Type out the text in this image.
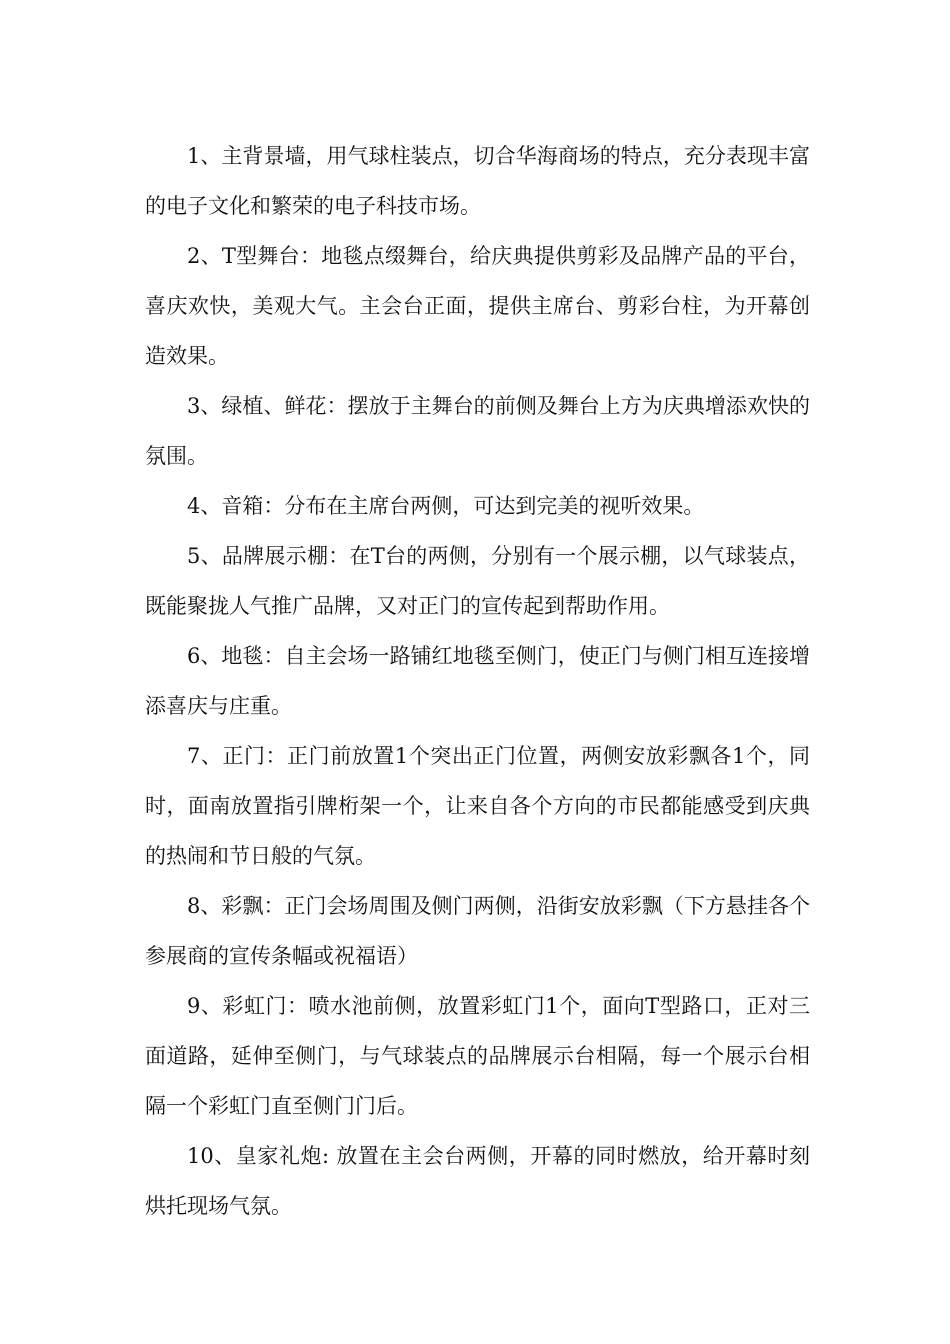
1、主背景墙，用气球柱装点，切合华海商场的特点，充分表现丰富的电子文化和繁荣的电子科技市场。

2、T型舞台：地毯点缀舞台，给庆典提供剪彩及品牌产品的平台，喜庆欢快，美观大气。主会台正面，提供主席台、剪彩台柱，为开幕创造效果。

3、绿植、鲜花：摆放于主舞台的前侧及舞台上方为庆典增添欢快的氛围。

4、音箱：分布在主席台两侧，可达到完美的视听效果。

5、品牌展示棚：在T台的两侧，分别有一个展示棚，以气球装点，既能聚拢人气推广品牌，又对正门的宣传起到帮助作用。

6、地毯：自主会场一路铺红地毯至侧门，使正门与侧门相互连接增添喜庆与庄重。

7、正门：正门前放置1个突出正门位置，两侧安放彩飘各1个，同时，面南放置指引牌桁架一个，让来自各个方向的市民都能感受到庆典的热闹和节日般的气氛。

8、彩飘：正门会场周围及侧门两侧，沿街安放彩飘（下方悬挂各个参展商的宣传条幅或祝福语）

9、彩虹门：喷水池前侧，放置彩虹门1个，面向T型路口，正对三面道路，延伸至侧门，与气球装点的品牌展示台相隔，每一个展示台相隔一个彩虹门直至侧门门后。

10、皇家礼炮: 放置在主会台两侧，开幕的同时燃放，给开幕时刻烘托现场气氛。
